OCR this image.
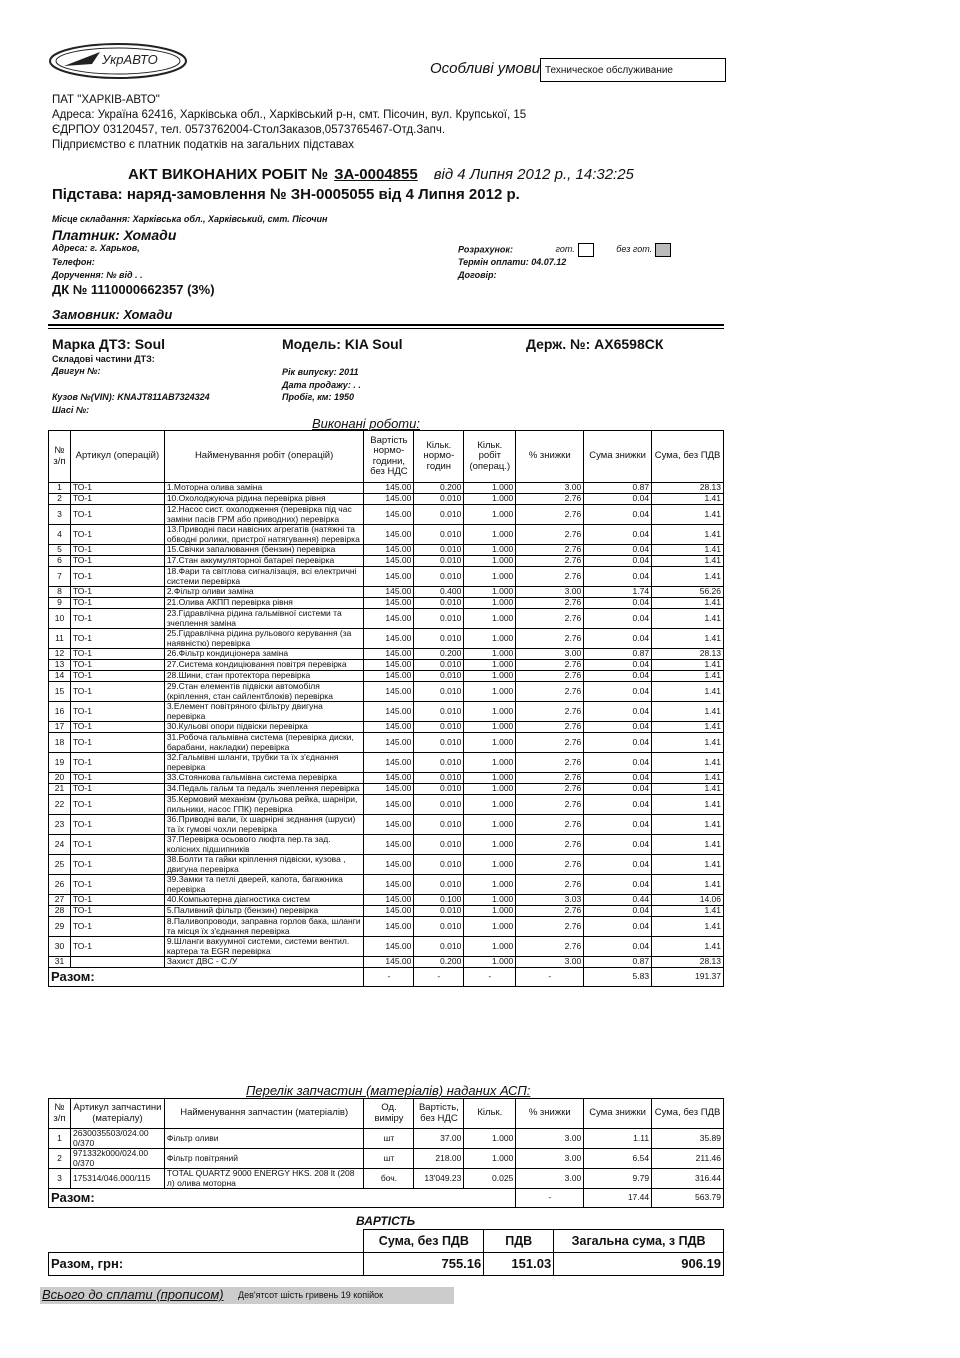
УкрАВТО
Особливі умови Техническое обслуживание
ПАТ "ХАРКІВ-АВТО"
Адреса: Україна 62416, Харківська обл., Харківський р-н, смт. Пісочин, вул. Крупської, 15
ЄДРПОУ 03120457, тел. 0573762004-СтолЗаказов,0573765467-Отд.Запч.
Підприємство є платник податків на загальних підставах
АКТ ВИКОНАНИХ РОБІТ № ЗА-0004855 від 4 Липня 2012 р., 14:32:25
Підстава: наряд-замовлення № ЗН-0005055 від 4 Липня 2012 р.
Місце складання: Харківська обл., Харківський, смт. Пісочин
Платник: Хомади
Адреса: г. Харьков,
Телефон:
Доручення: № від . .
ДК № 1110000662357 (3%)
Розрахунок:	гот.	без гот.
Термін оплати: 04.07.12
Договір:
Замовник: Хомади
Марка ДТЗ: Soul	Модель: KIA Soul	Держ. №: АХ6598СК
Складові частини ДТЗ:
Двигун №:	Рік випуску: 2011
Дата продажу: . .
Кузов №(VIN): KNAJT811AB7324324	Пробіг, км: 1950
Шасі №:
Виконані роботи:
№ з/п	Артикул (операцій)	Найменування робіт (операцій)	Вартість нормо-години, без НДС	Кільк. нормо-годин	Кільк. робіт (операц.)	% знижки	Сума знижки	Сума, без ПДВ
1	ТО-1	1.Моторна олива заміна	145.00	0.200	1.000	3.00	0.87	28.13
2	ТО-1	10.Охолоджуюча рідина перевірка рівня	145.00	0.010	1.000	2.76	0.04	1.41
3	ТО-1	12.Насос сист. охолодження (перевірка під час заміни пасів ГРМ або приводних) перевірка	145.00	0.010	1.000	2.76	0.04	1.41
4	ТО-1	13.Приводні паси навісних агрегатів (натяжні та обводні ролики, пристрої натягування) перевірка	145.00	0.010	1.000	2.76	0.04	1.41
5	ТО-1	15.Свічки запалювання (бензин) перевірка	145.00	0.010	1.000	2.76	0.04	1.41
6	ТО-1	17.Стан аккумуляторної батареї перевірка	145.00	0.010	1.000	2.76	0.04	1.41
7	ТО-1	18.Фари та світлова сигналізація, всі електричні системи перевірка	145.00	0.010	1.000	2.76	0.04	1.41
8	ТО-1	2.Фільтр оливи заміна	145.00	0.400	1.000	3.00	1.74	56.26
9	ТО-1	21.Олива АКПП перевірка рівня	145.00	0.010	1.000	2.76	0.04	1.41
10	ТО-1	23.Гідравлічна рідина гальмівної системи та зчеплення заміна	145.00	0.010	1.000	2.76	0.04	1.41
11	ТО-1	25.Гідравлічна рідина рульового керування (за наявністю) перевірка	145.00	0.010	1.000	2.76	0.04	1.41
12	ТО-1	26.Фільтр кондиціонера заміна	145.00	0.200	1.000	3.00	0.87	28.13
13	ТО-1	27.Система кондиціювання повітря перевірка	145.00	0.010	1.000	2.76	0.04	1.41
14	ТО-1	28.Шини, стан протектора перевірка	145.00	0.010	1.000	2.76	0.04	1.41
15	ТО-1	29.Стан елементів підвіски автомобіля (кріплення, стан сайлентблоків) перевірка	145.00	0.010	1.000	2.76	0.04	1.41
16	ТО-1	3.Елемент повітряного фільтру двигуна перевірка	145.00	0.010	1.000	2.76	0.04	1.41
17	ТО-1	30.Кульові опори підвіски перевірка	145.00	0.010	1.000	2.76	0.04	1.41
18	ТО-1	31.Робоча гальмівна система (перевірка диски, барабани, накладки) перевірка	145.00	0.010	1.000	2.76	0.04	1.41
19	ТО-1	32.Гальмівні шланги, трубки та їх з'єднання перевірка	145.00	0.010	1.000	2.76	0.04	1.41
20	ТО-1	33.Стоянкова гальмівна система перевірка	145.00	0.010	1.000	2.76	0.04	1.41
21	ТО-1	34.Педаль гальм та педаль зчеплення перевірка	145.00	0.010	1.000	2.76	0.04	1.41
22	ТО-1	35.Кермовий механізм (рульова рейка, шарніри, пильники, насос ГПК) перевірка	145.00	0.010	1.000	2.76	0.04	1.41
23	ТО-1	36.Приводні вали, їх шарнірні зєднання (шруси) та їх гумові чохли перевірка	145.00	0.010	1.000	2.76	0.04	1.41
24	ТО-1	37.Перевірка осьового люфта пер.та зад. колісних підшипників	145.00	0.010	1.000	2.76	0.04	1.41
25	ТО-1	38.Болти та гайки кріплення підвіски, кузова , двигуна перевірка	145.00	0.010	1.000	2.76	0.04	1.41
26	ТО-1	39.Замки та петлі дверей, капота, багажника перевірка	145.00	0.010	1.000	2.76	0.04	1.41
27	ТО-1	40.Компьютерна діагностика систем	145.00	0.100	1.000	3.03	0.44	14.06
28	ТО-1	5.Паливний фільтр (бензин) перевірка	145.00	0.010	1.000	2.76	0.04	1.41
29	ТО-1	8.Паливопроводи, заправна горлов бака, шланги та місця їх з'єднання перевірка	145.00	0.010	1.000	2.76	0.04	1.41
30	ТО-1	9.Шланги вакуумної системи, системи вентил. картера та EGR перевірка	145.00	0.010	1.000	2.76	0.04	1.41
31		Захист ДВС - С./У	145.00	0.200	1.000	3.00	0.87	28.13
Разом:			-	-	-	-	5.83	191.37
Перелік запчастин (матеріалів) наданих АСП:
№ з/п	Артикул запчастини (матеріалу)	Найменування запчастин (матеріалів)	Од. виміру	Вартість, без НДС	Кільк.	% знижки	Сума знижки	Сума, без ПДВ
1	2630035503/024.00 0/370	Фільтр оливи	шт	37.00	1.000	3.00	1.11	35.89
2	971332k000/024.00 0/370	Фільтр повітряний	шт	218.00	1.000	3.00	6.54	211.46
3	175314/046.000/115	TOTAL QUARTZ 9000 ENERGY HKS. 208 lt (208 л) олива моторна	боч.	13'049.23	0.025	3.00	9.79	316.44
Разом:						-	17.44	563.79
ВАРТІСТЬ
	Сума, без ПДВ	ПДВ	Загальна сума, з ПДВ
Разом, грн:	755.16	151.03	906.19
Всього до сплати (прописом) Дев'ятсот шість гривень 19 копійок
